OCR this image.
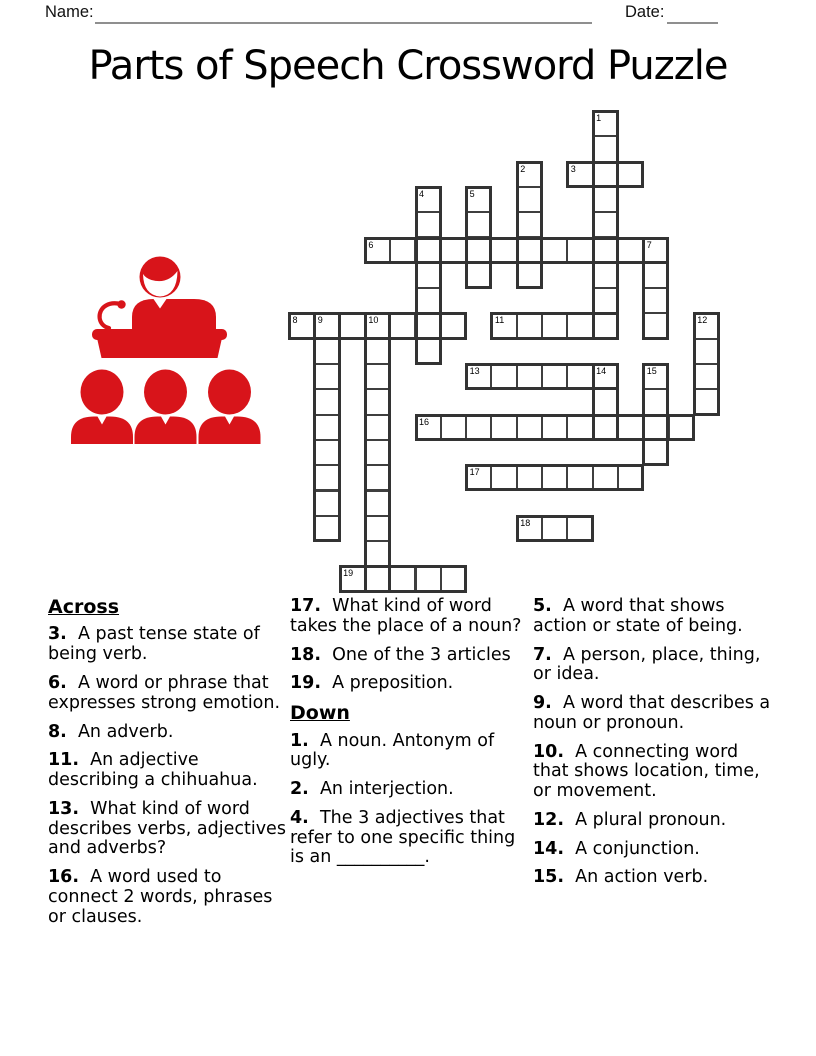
Name:	Date:
Parts of Speech Crossword Puzzle
1
2	3
4	5
6	7
8 9	10	11	12
13	14	15
16
17
18
19
Across
3.  A past tense state of being verb.
6.  A word or phrase that expresses strong emotion.
8.  An adverb.
11.  An adjective describing a chihuahua.
13.  What kind of word describes verbs, adjectives and adverbs?
16.  A word used to connect 2 words, phrases or clauses.
17.  What kind of word takes the place of a noun?
18.  One of the 3 articles
19.  A preposition.
Down
1.  A noun. Antonym of ugly.
2.  An interjection.
4.  The 3 adjectives that refer to one specific thing is an __________.
5.  A word that shows action or state of being.
7.  A person, place, thing, or idea.
9.  A word that describes a noun or pronoun.
10.  A connecting word that shows location, time, or movement.
12.  A plural pronoun.
14.  A conjunction.
15.  An action verb.
